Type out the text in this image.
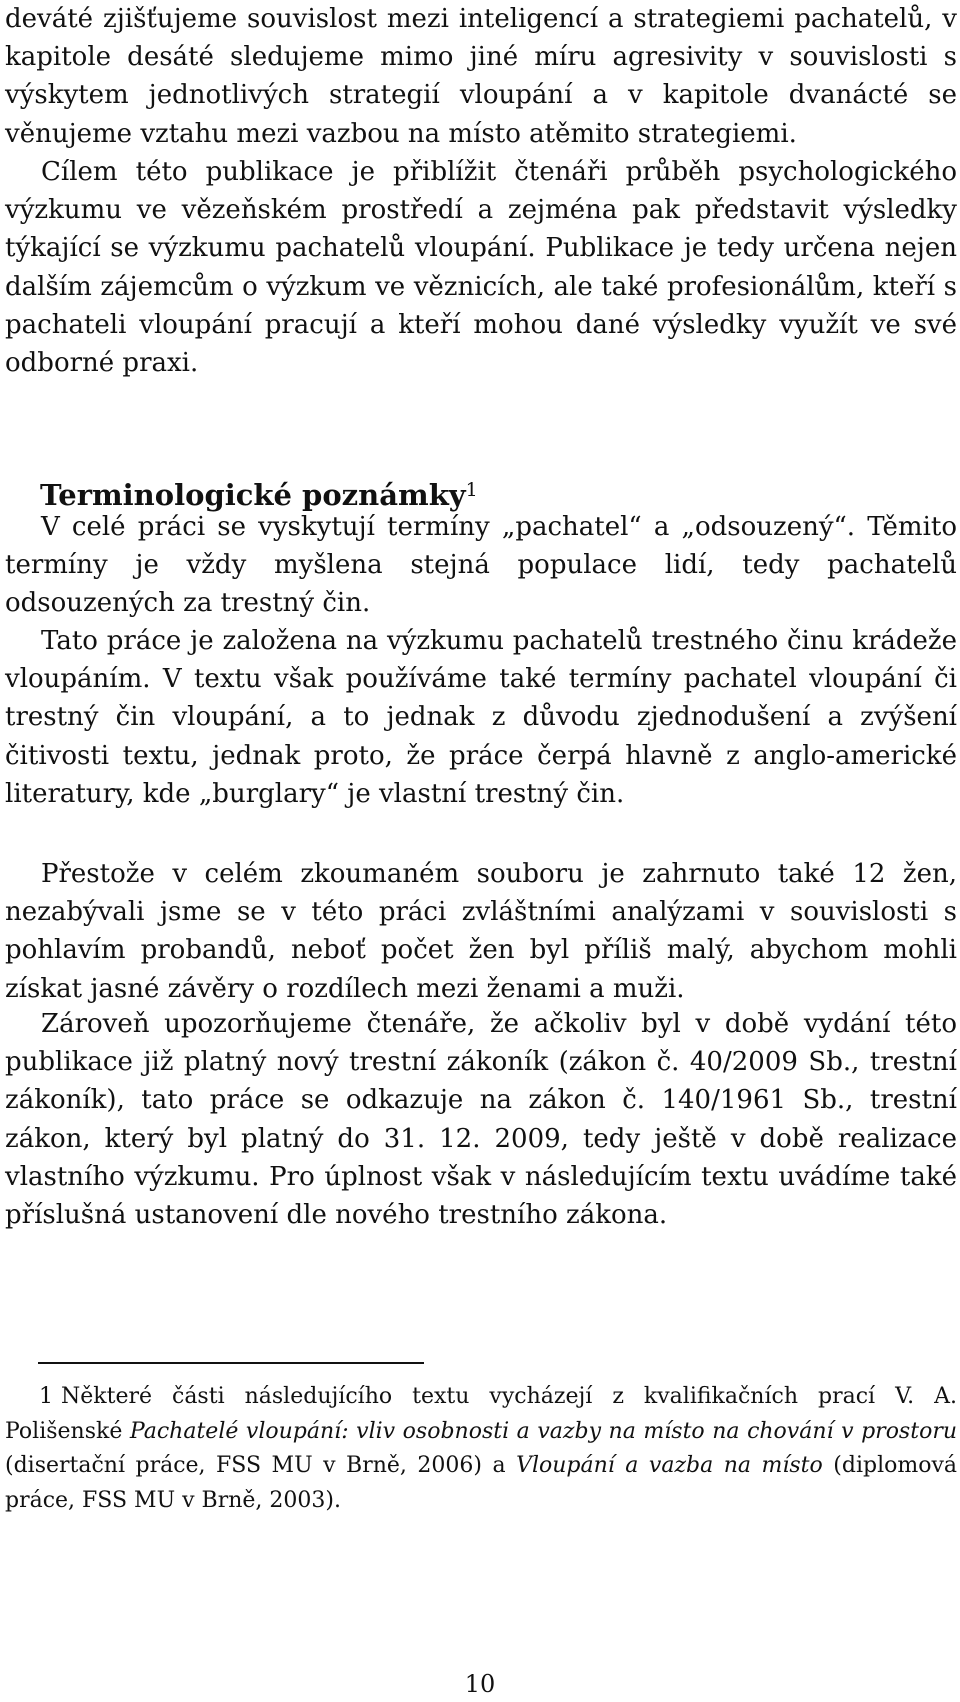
deváté zjišťujeme souvislost mezi inteligencí a strategiemi pachatelů, v kapitole desáté sledujeme mimo jiné míru agresivity v souvislosti s výskytem jednotlivých strategií vloupání a v kapitole dvanácté se věnujeme vztahu mezi vazbou na místo atěmito strategiemi.

Cílem této publikace je přiblížit čtenáři průběh psychologického výzkumu ve vězeňském prostředí a zejména pak představit výsledky týkající se výzkumu pachatelů vloupání. Publikace je tedy určena nejen dalším zájemcům o výzkum ve věznicích, ale také profesionálům, kteří s pachateli vloupání pracují a kteří mohou dané výsledky využít ve své odborné praxi.

Terminologické poznámky$^1$

V celé práci se vyskytují termíny „pachatel“ a „odsouzený“. Těmito termíny je vždy myšlena stejná populace lidí, tedy pachatelů odsouzených za trestný čin.

Tato práce je založena na výzkumu pachatelů trestného činu krádeže vloupáním. V textu však používáme také termíny pachatel vloupání či trestný čin vloupání, a to jednak z důvodu zjednodušení a zvýšení čitivosti textu, jednak proto, že práce čerpá hlavně z anglo-americké literatury, kde „burglary“ je vlastní trestný čin.

Přestože v celém zkoumaném souboru je zahrnuto také 12 žen, nezabývali jsme se v této práci zvláštními analýzami v souvislosti s pohlavím probandů, neboť počet žen byl příliš malý, abychom mohli získat jasné závěry o rozdílech mezi ženami a muži.

Zároveň upozorňujeme čtenáře, že ačkoliv byl v době vydání této publikace již platný nový trestní zákoník (zákon č. 40/2009 Sb., trestní zákoník), tato práce se odkazuje na zákon č. 140/1961 Sb., trestní zákon, který byl platný do 31. 12. 2009, tedy ještě v době realizace vlastního výzkumu. Pro úplnost však v následujícím textu uvádíme také příslušná ustanovení dle nového trestního zákona.

1 Některé části následujícího textu vycházejí z kvalifikačních prací V. A. Polišenské Pachatelé vloupání: vliv osobnosti a vazby na místo na chování v prostoru (disertační práce, FSS MU v Brně, 2006) a Vloupání a vazba na místo (diplomová práce, FSS MU v Brně, 2003).

10
